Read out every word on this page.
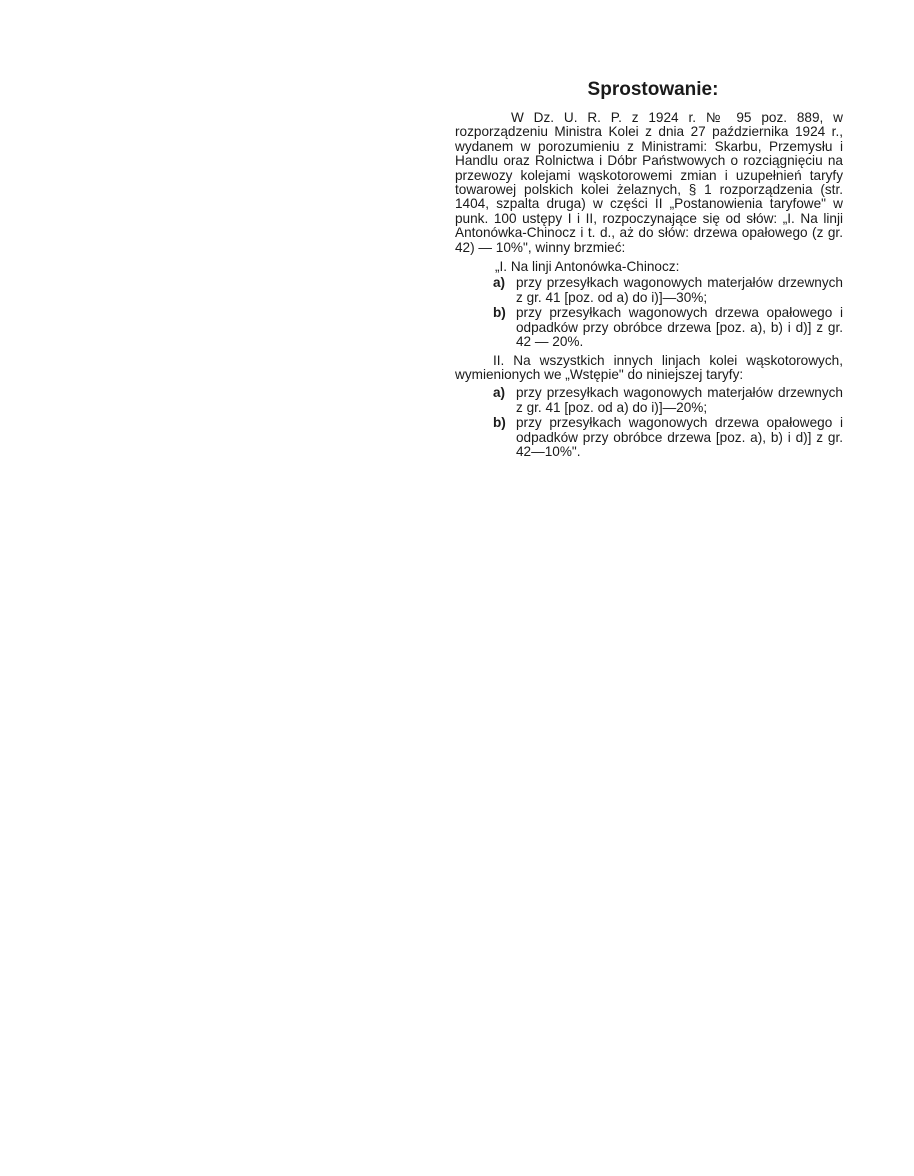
Sprostowanie:

W Dz. U. R. P. z 1924 r. № 95 poz. 889, w rozporządzeniu Ministra Kolei z dnia 27 października 1924 r., wydanem w porozumieniu z Ministrami: Skarbu, Przemysłu i Handlu oraz Rolnictwa i Dóbr Państwowych o rozciągnięciu na przewozy kolejami wąskotorowemi zmian i uzupełnień taryfy towarowej polskich kolei żelaznych, § 1 rozporządzenia (str. 1404, szpalta druga) w części II „Postanowienia taryfowe" w punk. 100 ustępy I i II, rozpoczynające się od słów: „I. Na linji Antonówka-Chinocz i t. d., aż do słów: drzewa opałowego (z gr. 42) — 10%", winny brzmieć:

„I. Na linji Antonówka-Chinocz:
a) przy przesyłkach wagonowych materjałów drzewnych z gr. 41 [poz. od a) do i)]—30%;
b) przy przesyłkach wagonowych drzewa opałowego i odpadków przy obróbce drzewa [poz. a), b) i d)] z gr. 42 — 20%.

II. Na wszystkich innych linjach kolei wąskotorowych, wymienionych we „Wstępie" do niniejszej taryfy:

a) przy przesyłkach wagonowych materjałów drzewnych z gr. 41 [poz. od a) do i)]—20%;
b) przy przesyłkach wagonowych drzewa opałowego i odpadków przy obróbce drzewa [poz. a), b) i d)] z gr. 42—10%".
